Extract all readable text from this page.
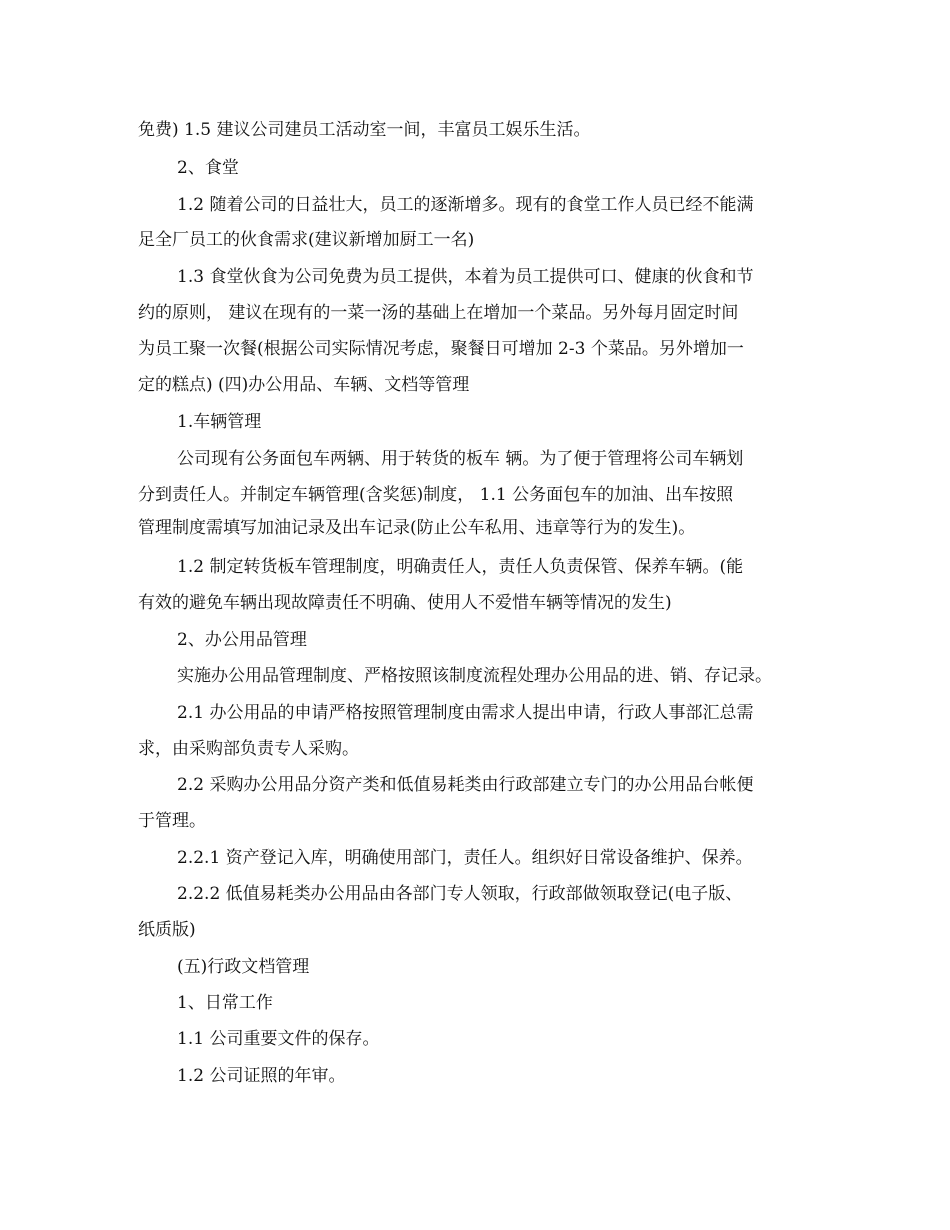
免费) 1.5 建议公司建员工活动室一间，丰富员工娱乐生活。
2、食堂
1.2 随着公司的日益壮大，员工的逐渐增多。现有的食堂工作人员已经不能满
足全厂员工的伙食需求(建议新增加厨工一名)
1.3 食堂伙食为公司免费为员工提供，本着为员工提供可口、健康的伙食和节
约的原则， 建议在现有的一菜一汤的基础上在增加一个菜品。另外每月固定时间
为员工聚一次餐(根据公司实际情况考虑，聚餐日可增加 2-3 个菜品。另外增加一
定的糕点) (四)办公用品、车辆、文档等管理
1.车辆管理
公司现有公务面包车两辆、用于转货的板车 辆。为了便于管理将公司车辆划
分到责任人。并制定车辆管理(含奖惩)制度， 1.1 公务面包车的加油、出车按照
管理制度需填写加油记录及出车记录(防止公车私用、违章等行为的发生)。
1.2 制定转货板车管理制度，明确责任人，责任人负责保管、保养车辆。(能
有效的避免车辆出现故障责任不明确、使用人不爱惜车辆等情况的发生)
2、办公用品管理
实施办公用品管理制度、严格按照该制度流程处理办公用品的进、销、存记录。
2.1 办公用品的申请严格按照管理制度由需求人提出申请，行政人事部汇总需
求，由采购部负责专人采购。
2.2 采购办公用品分资产类和低值易耗类由行政部建立专门的办公用品台帐便
于管理。
2.2.1 资产登记入库，明确使用部门，责任人。组织好日常设备维护、保养。
2.2.2 低值易耗类办公用品由各部门专人领取，行政部做领取登记(电子版、
纸质版)
(五)行政文档管理
1、日常工作
1.1 公司重要文件的保存。
1.2 公司证照的年审。
